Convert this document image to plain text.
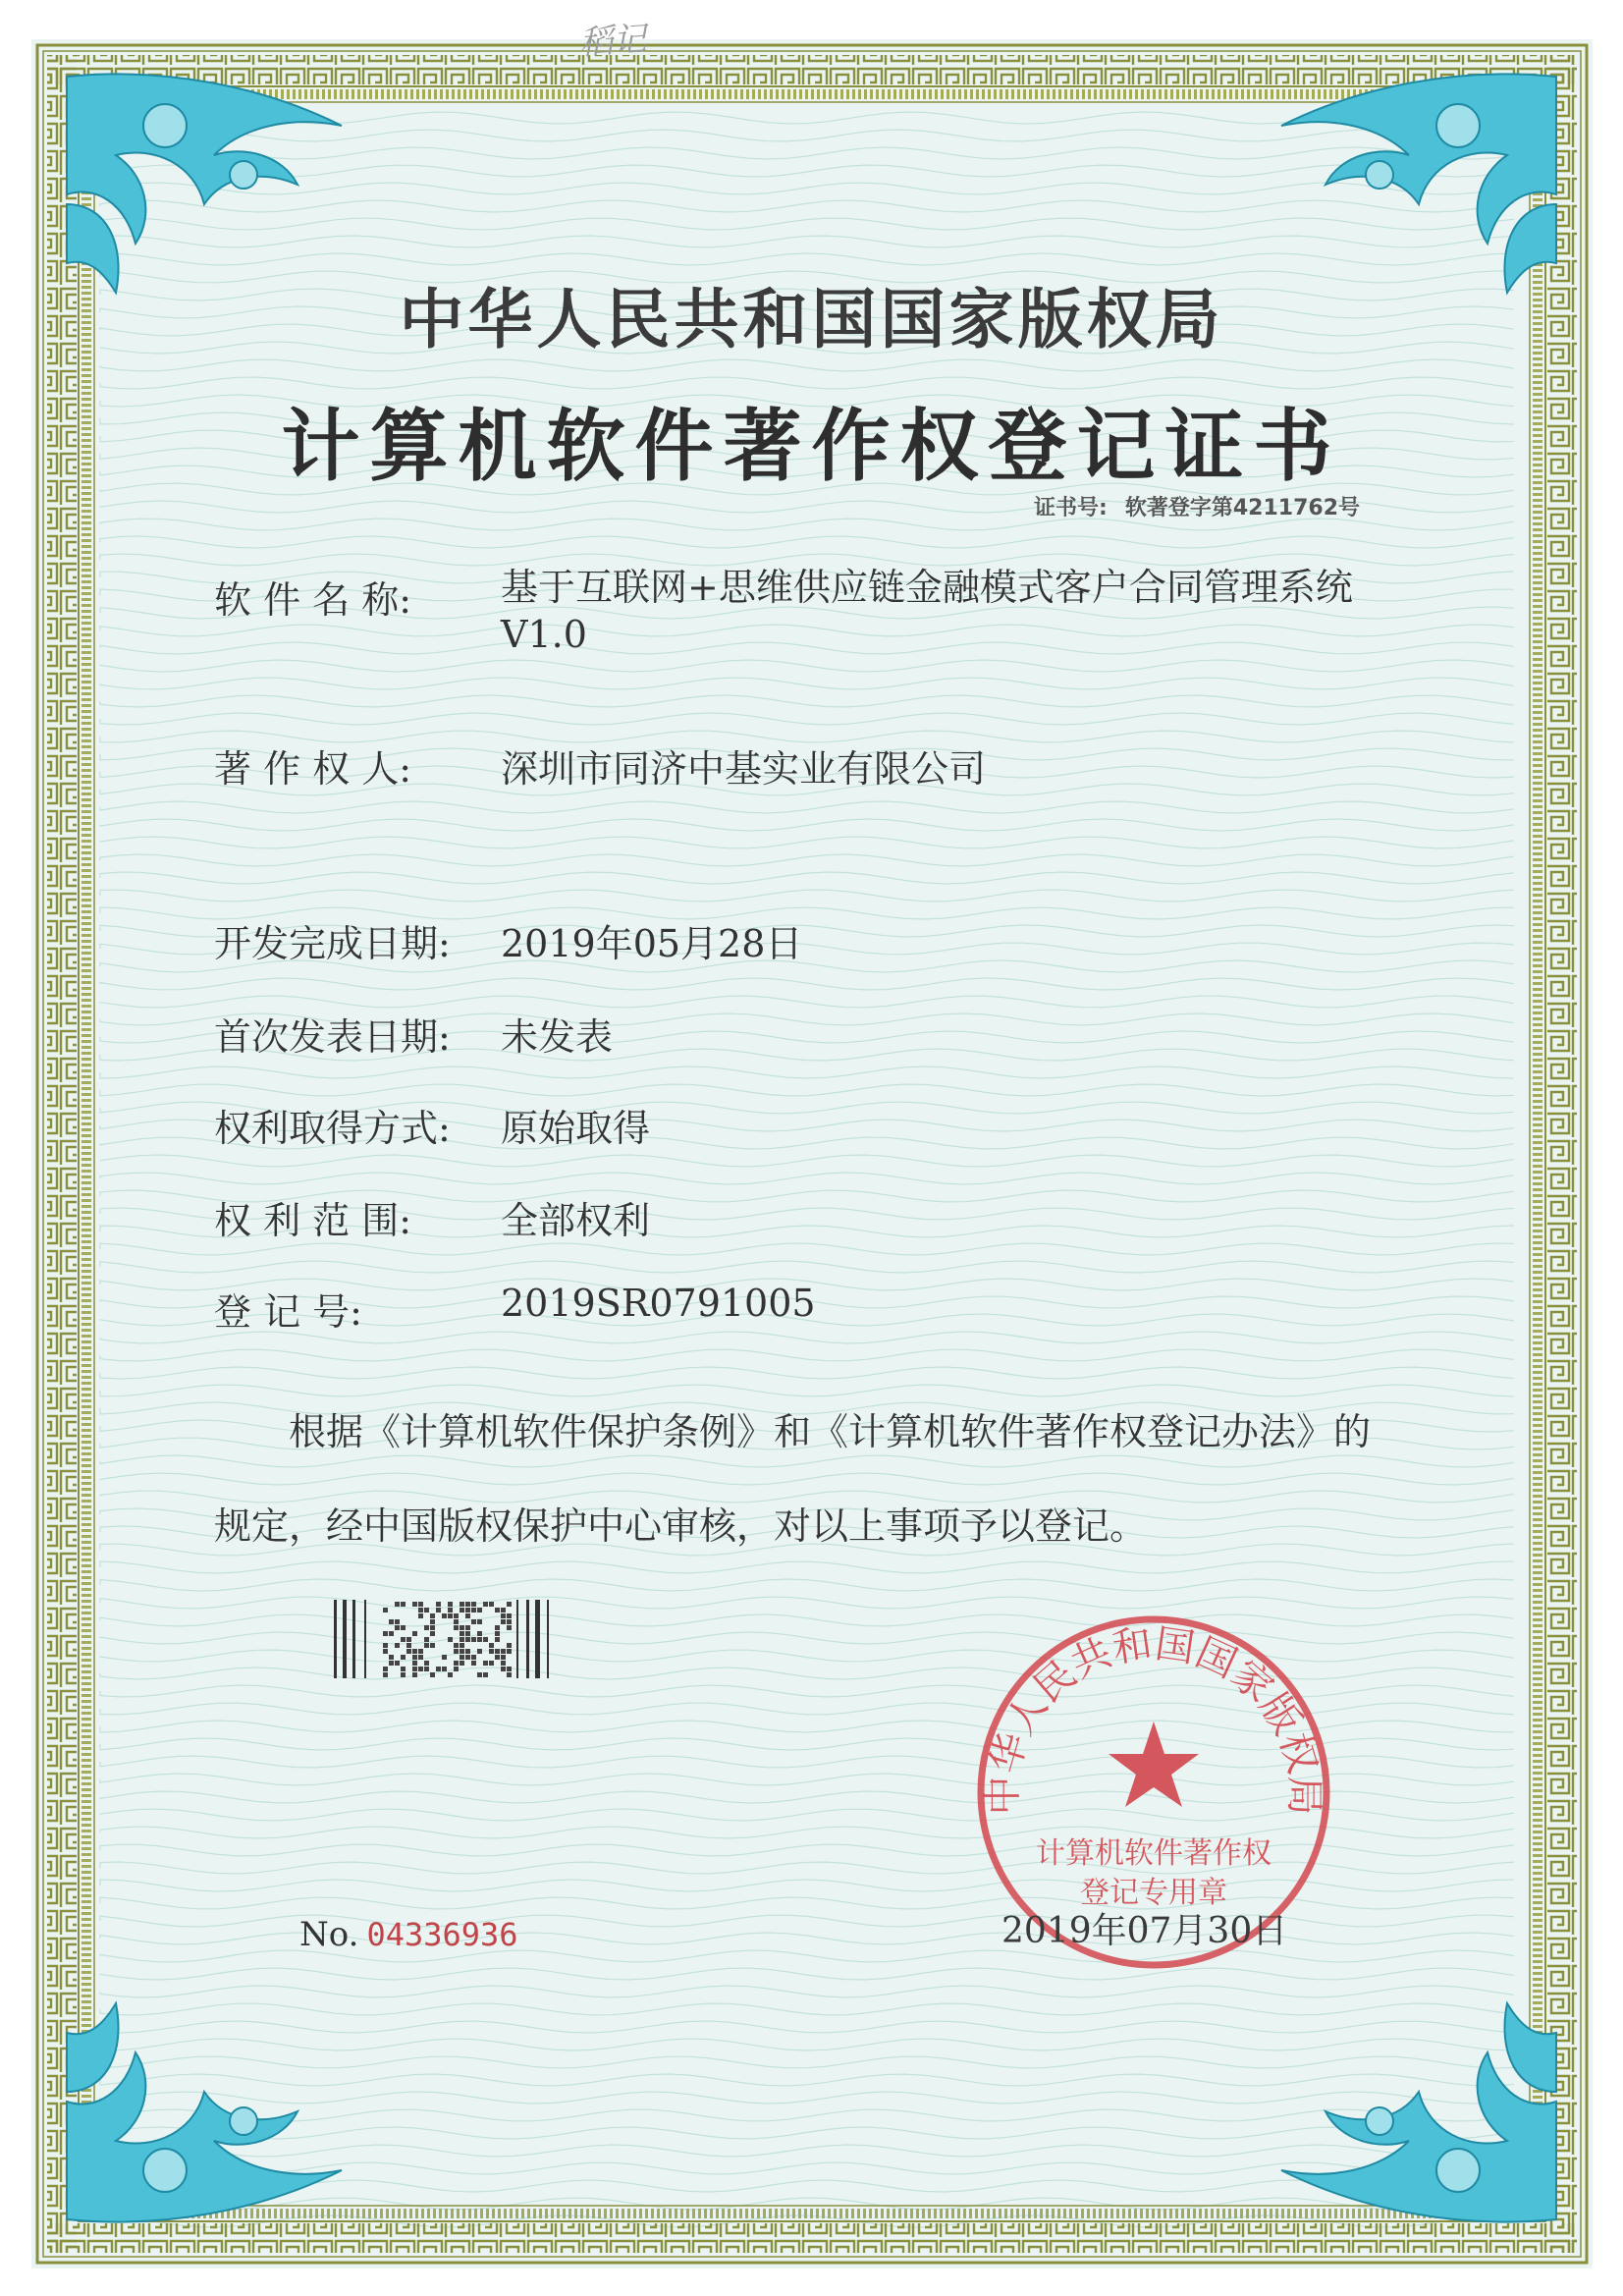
稻记
中华人民共和国国家版权局
计算机软件著作权登记证书
证书号: 软著登字第4211762号
软 件 名 称:	基于互联网+思维供应链金融模式客户合同管理系统
V1.0
著 作 权 人:	深圳市同济中基实业有限公司
开发完成日期:	2019年05月28日
首次发表日期:	未发表
权利取得方式:	原始取得
权 利 范 围:	全部权利
登 记 号:	2019SR0791005
根据《计算机软件保护条例》和《计算机软件著作权登记办法》的
规定，经中国版权保护中心审核，对以上事项予以登记。
中华人民共和国国家版权局
计算机软件著作权
登记专用章
2019年07月30日
No. 04336936
